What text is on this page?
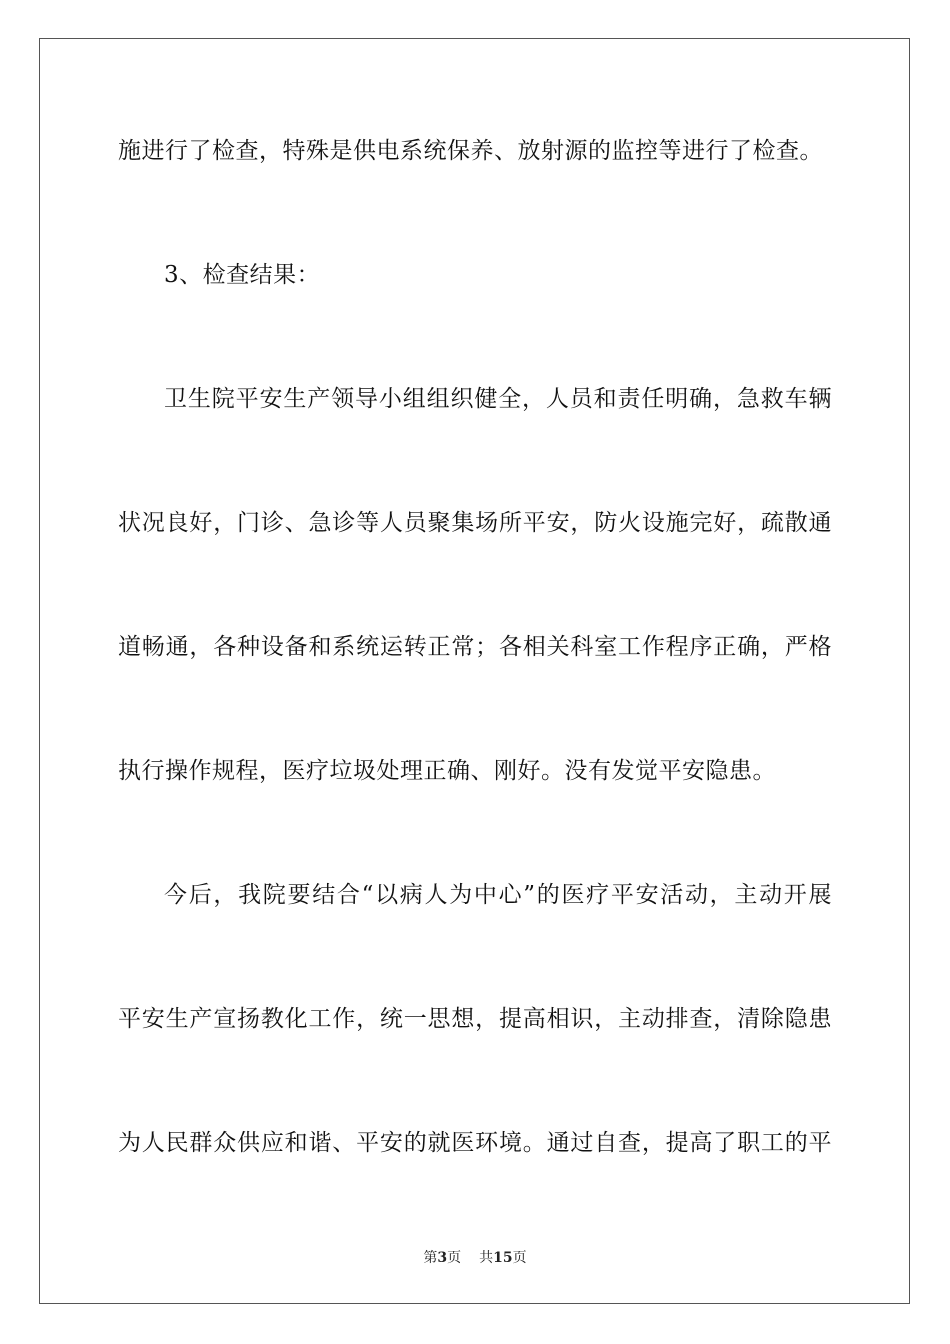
施进行了检查，特殊是供电系统保养、放射源的监控等进行了检查。
3、检查结果：
卫生院平安生产领导小组组织健全，人员和责任明确，急救车辆
状况良好，门诊、急诊等人员聚集场所平安，防火设施完好，疏散通
道畅通，各种设备和系统运转正常；各相关科室工作程序正确，严格
执行操作规程，医疗垃圾处理正确、刚好。没有发觉平安隐患。
今后，我院要结合“以病人为中心”的医疗平安活动，主动开展
平安生产宣扬教化工作，统一思想，提高相识，主动排查，清除隐患
为人民群众供应和谐、平安的就医环境。通过自查，提高了职工的平
第3页 共15页
